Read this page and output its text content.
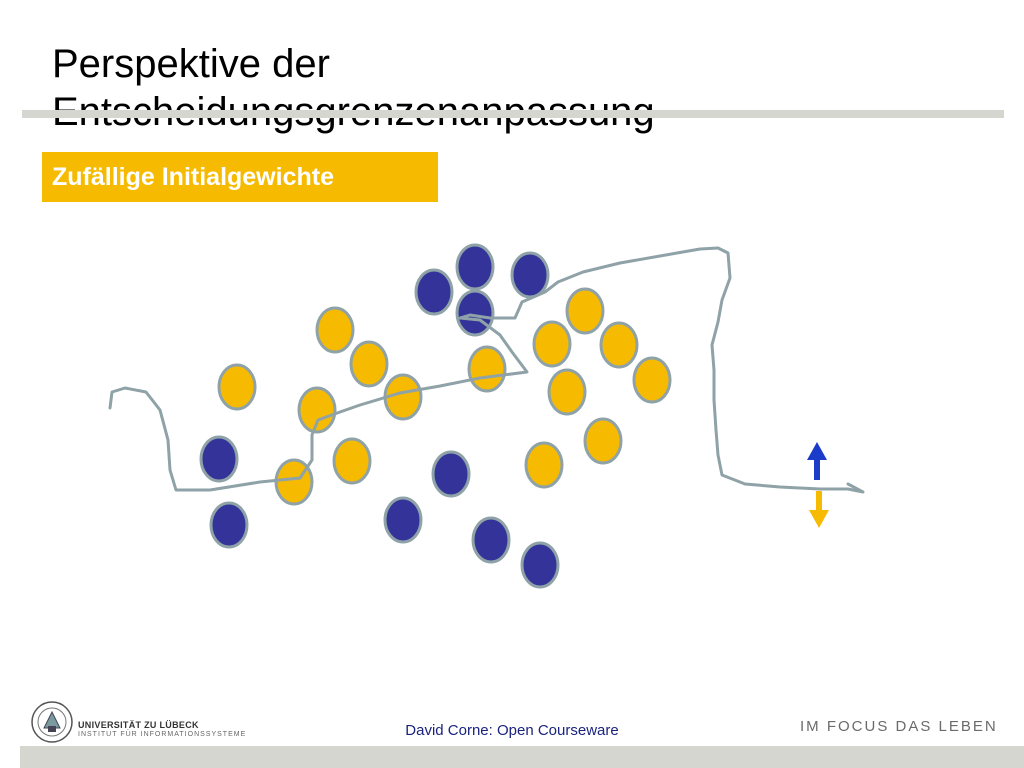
Perspektive der
Zufällige Initialgewichte
UNIVERSITÄT ZU LÜBECK
INSTITUT FÜR INFORMATIONSSYSTEME	David Corne: Open Courseware	IM FOCUS DAS LEBEN
